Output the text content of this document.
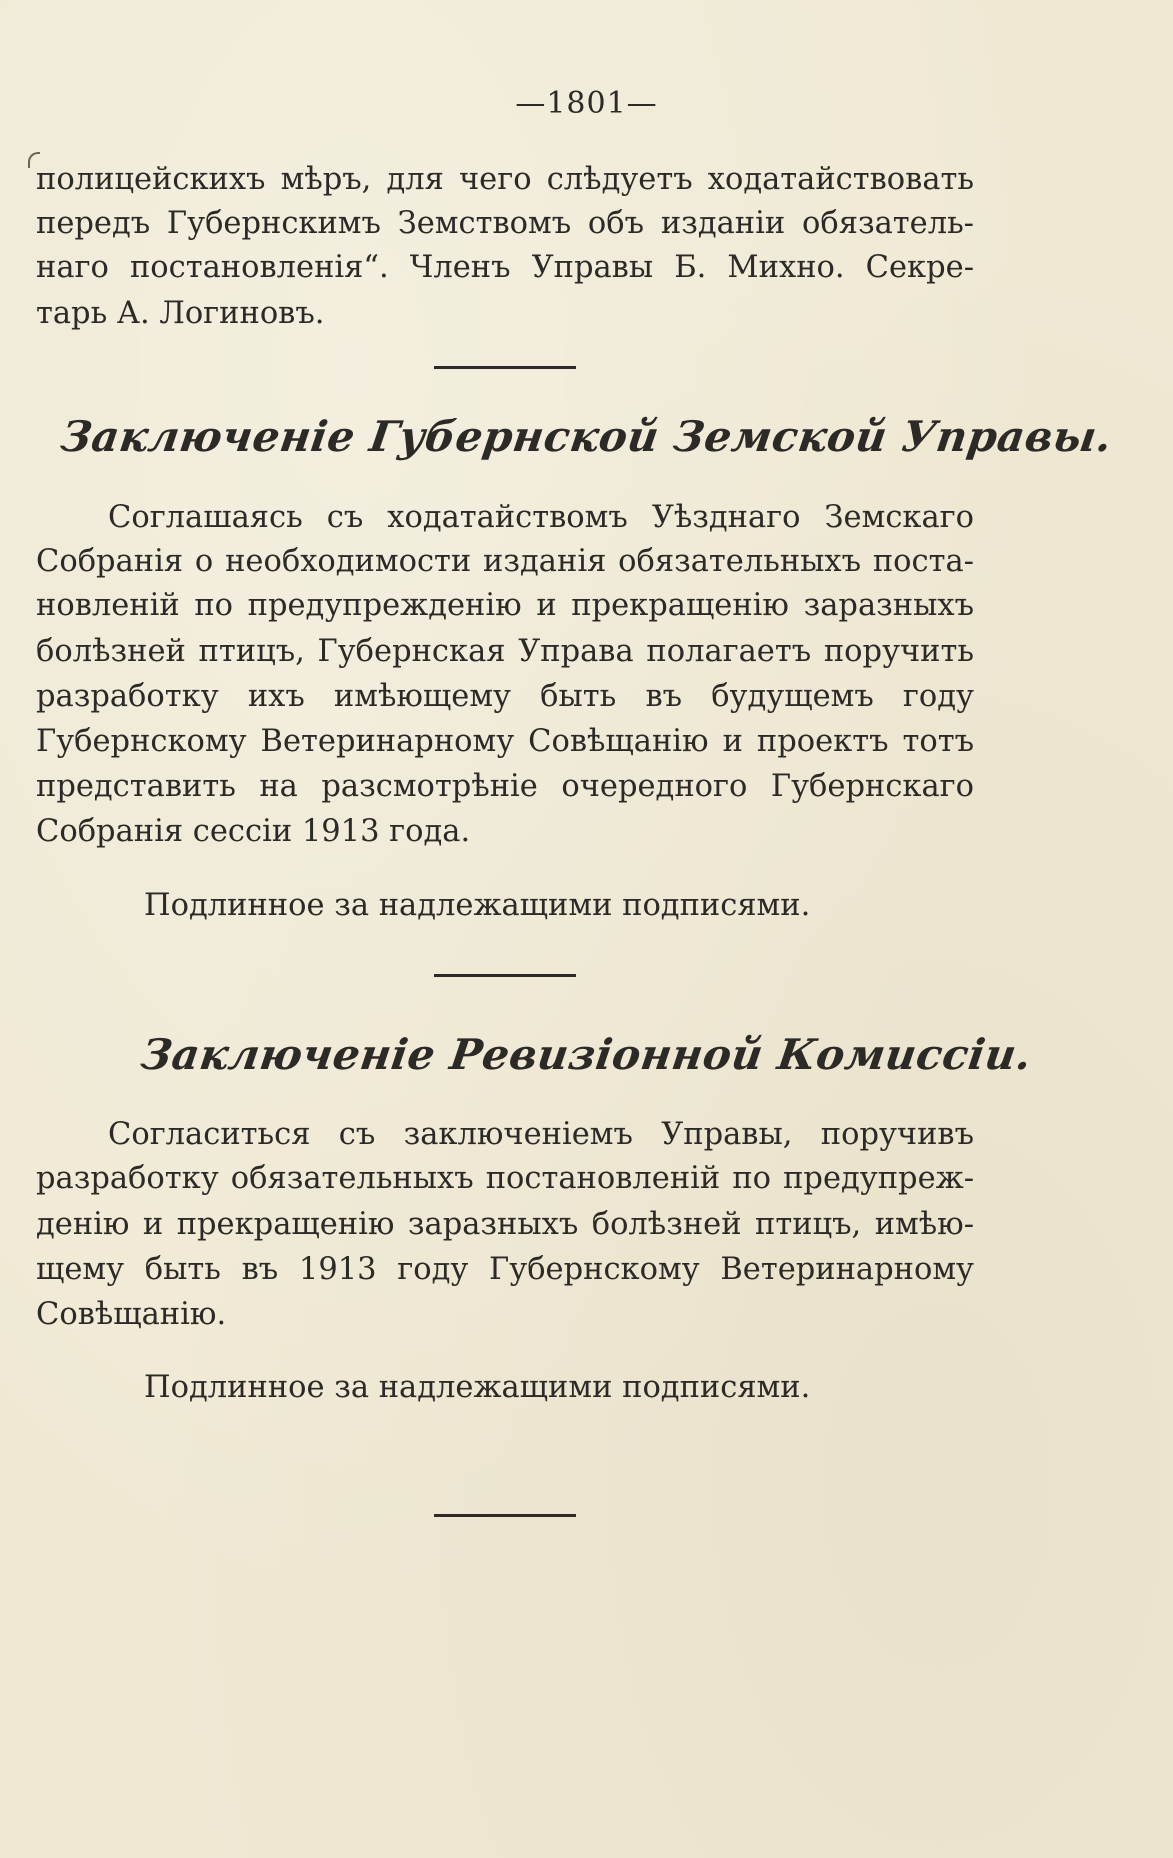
—1801—
полицейскихъ мѣръ, для чего слѣдуетъ ходатайствовать
передъ Губернскимъ Земствомъ объ изданіи обязатель-
наго постановленія“. Членъ Управы Б. Михно. Секре-
тарь А. Логиновъ.
Заключеніе Губернской Земской Управы.
Соглашаясь съ ходатайствомъ Уѣзднаго Земскаго
Собранія о необходимости изданія обязательныхъ поста-
новленій по предупрежденію и прекращенію заразныхъ
болѣзней птицъ, Губернская Управа полагаетъ поручить
разработку ихъ имѣющему быть въ будущемъ году
Губернскому Ветеринарному Совѣщанію и проектъ тотъ
представить на разсмотрѣніе очередного Губернскаго
Собранія сессіи 1913 года.
Подлинное за надлежащими подписями.
Заключеніе Ревизіонной Комиссіи.
Согласиться съ заключеніемъ Управы, поручивъ
разработку обязательныхъ постановленій по предупреж-
денію и прекращенію заразныхъ болѣзней птицъ, имѣю-
щему быть въ 1913 году Губернскому Ветеринарному
Совѣщанію.
Подлинное за надлежащими подписями.
